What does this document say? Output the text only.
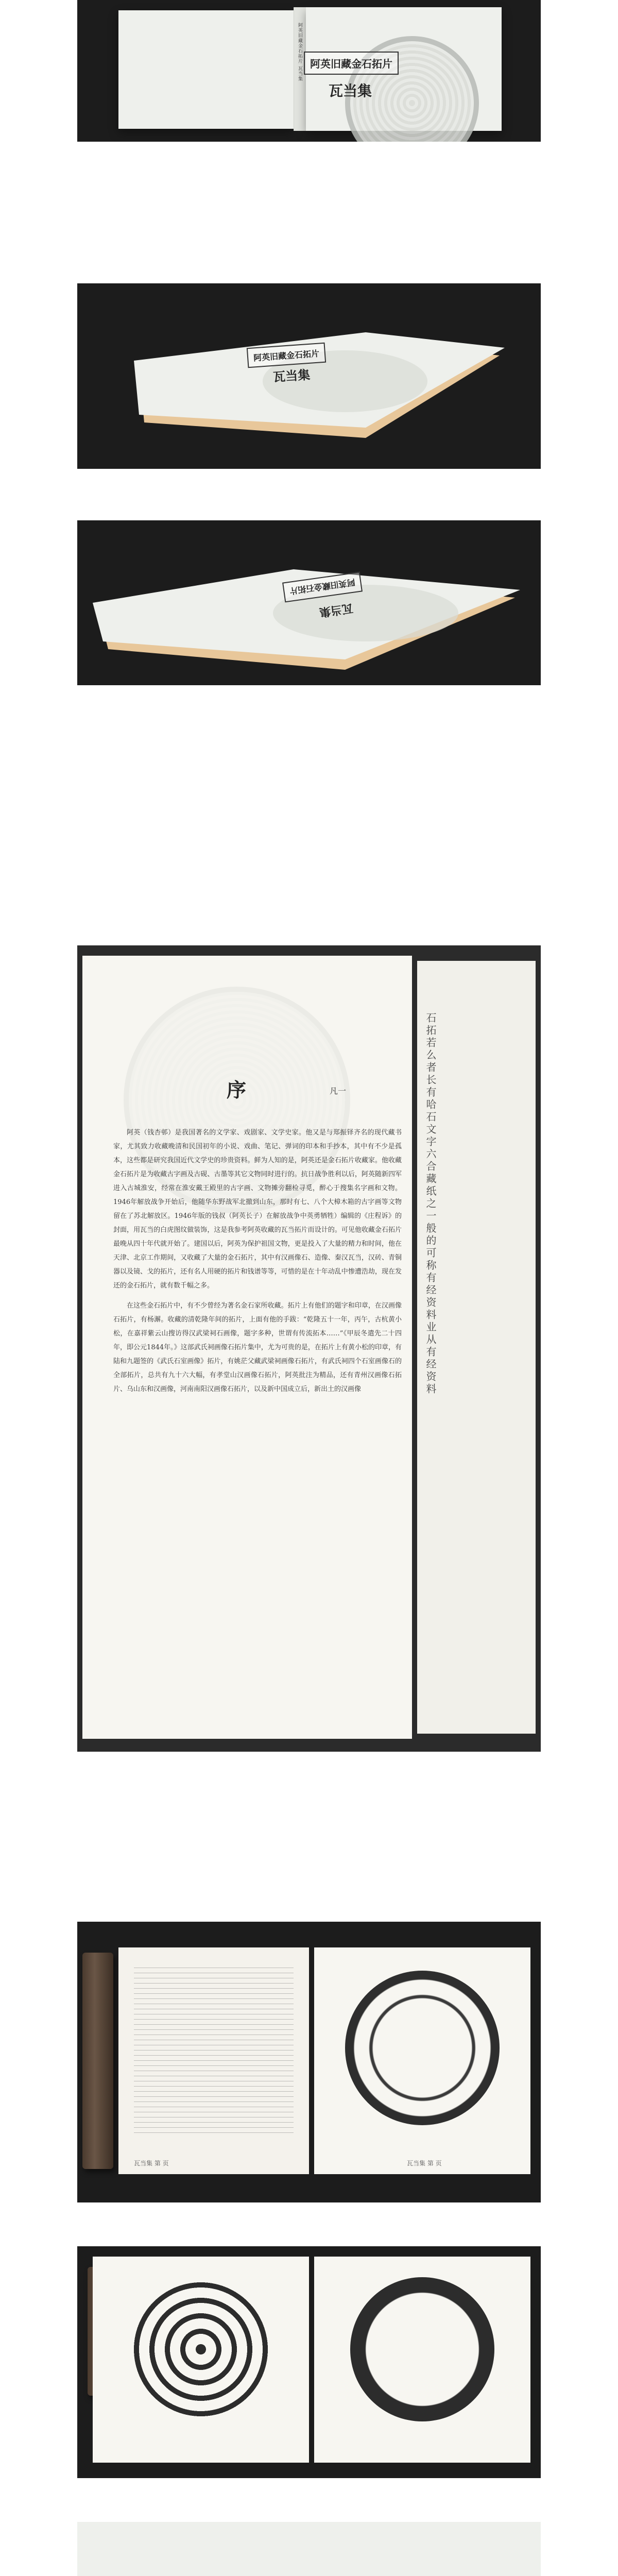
阿英旧藏金石拓片 瓦当集 阿英旧藏金石拓片
瓦当集
阿英旧藏金石拓片
瓦当集
阿英旧藏金石拓片
瓦当集
序	凡一

阿英（钱杏邨）是我国著名的文学家、戏剧家、文学史家。他又是与郑振铎齐名的现代藏书家，尤其致力收藏晚清和民国初年的小说、戏曲、笔记、弹词的印本和手抄本，其中有不少是孤本，这些都是研究我国近代文学史的珍贵资料。鲜为人知的是，阿英还是金石拓片收藏家。他收藏金石拓片是为收藏古字画及古砚、古墨等其它文物同时进行的。抗日战争胜利以后，阿英随新四军进入古城淮安，经常在淮安戴王殿里的古字画、文物摊旁翻检寻觅，醉心于搜集名字画和文物。1946年解放战争开始后，他随华东野战军北撤到山东，那时有七、八个大樟木箱的古字画等文物留在了苏北解放区。1946年版的钱叔（阿英长子）在解放战争中英勇牺牲）编辑的《庄程诉》的封面，用瓦当的白虎图纹做装饰，这是我参考阿英收藏的瓦当拓片而设计的。可见他收藏金石拓片最晚从四十年代就开始了。建国以后，阿英为保护祖国文物，更是投入了大量的精力和时间，他在天津、北京工作期间，又收藏了大量的金石拓片，其中有汉画像石、造像、秦汉瓦当，汉砖、青铜器以及镜、戈的拓片，还有名人用硬的拓片和钱谱等等，可惜的是在十年动乱中惨遭浩劫，现在发还的金石拓片，就有数千幅之多。

在这些金石拓片中，有不少曾经为著名金石家所收藏。拓片上有他们的题字和印章，在汉画像石拓片，有杨澥。收藏的清乾隆年间的拓片，上面有他的手跋：“乾隆五十一年，丙午，古杭黄小松，在嘉祥紫云山搜访得汉武梁祠石画像，题字多种，世谓有传流拓本……”《甲辰冬遣先二十四年，即公元1844年。》这部武氏祠画像石拓片集中，尤为可贵的是，在拓片上有黄小松的印章，有陆和九题签的《武氏石室画像》拓片，有姚茫父藏武梁祠画像石拓片，有武氏祠四个石室画像石的全部拓片，总共有九十六大幅，有孝堂山汉画像石拓片，阿英批注为精品，还有青州汉画像石拓片、乌山东和汉画像，河南南阳汉画像石拓片，以及新中国成立后，新出土的汉画像	石拓若么者长有哈石文字六合藏纸之一般的可称有经资料业从有经资料
瓦当集 第 页	瓦当集 第 页
